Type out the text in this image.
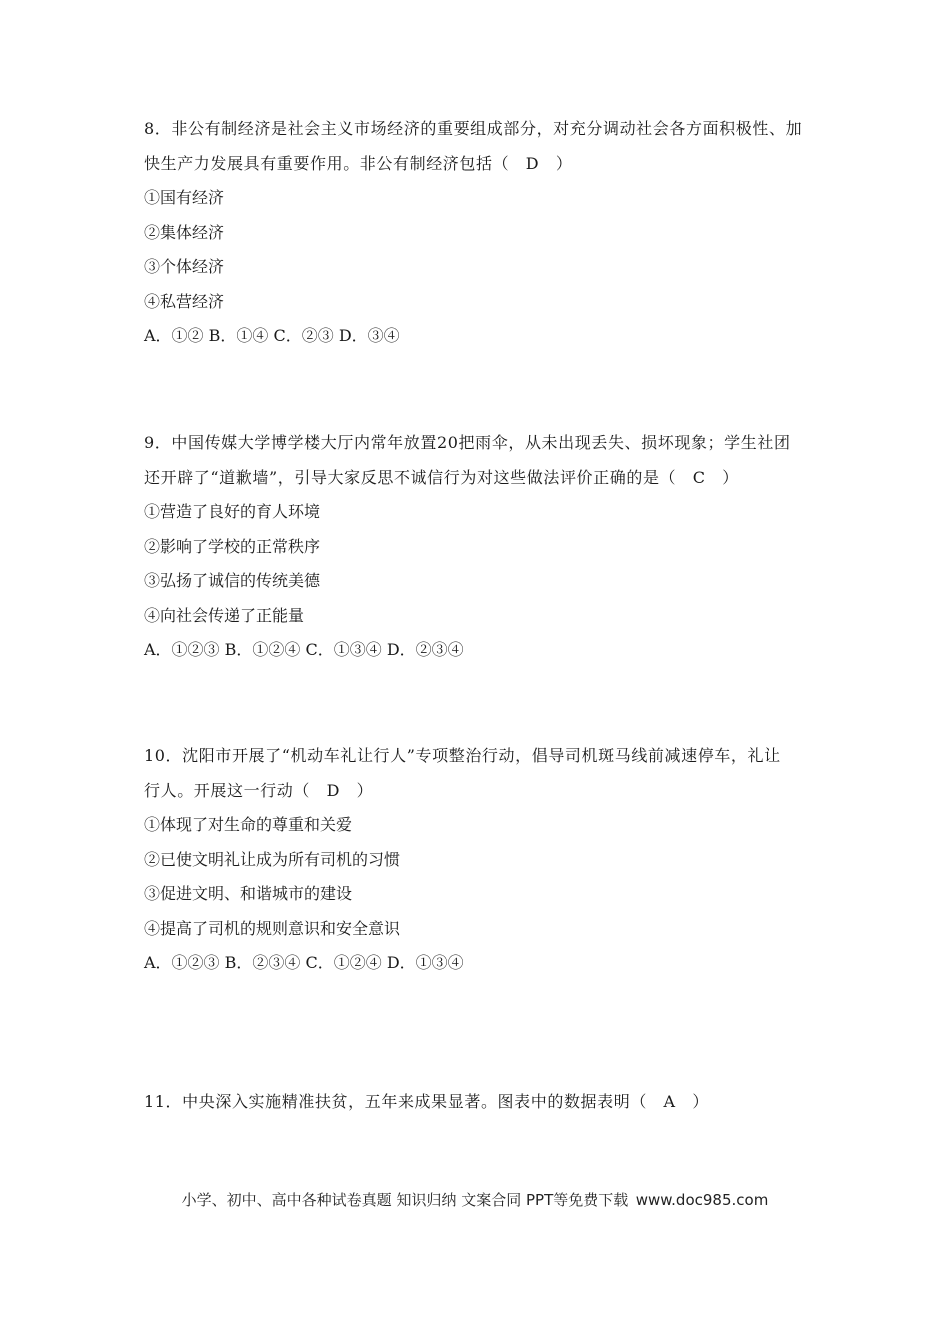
8．非公有制经济是社会主义市场经济的重要组成部分，对充分调动社会各方面积极性、加
快生产力发展具有重要作用。非公有制经济包括（　D　）
①国有经济
②集体经济
③个体经济
④私营经济
A．①② B．①④ C．②③ D．③④
9．中国传媒大学博学楼大厅内常年放置20把雨伞，从未出现丢失、损坏现象；学生社团
还开辟了“道歉墙”，引导大家反思不诚信行为对这些做法评价正确的是（　C　）
①营造了良好的育人环境
②影响了学校的正常秩序
③弘扬了诚信的传统美德
④向社会传递了正能量
A．①②③ B．①②④ C．①③④ D．②③④
10．沈阳市开展了“机动车礼让行人”专项整治行动，倡导司机斑马线前减速停车，礼让
行人。开展这一行动（　D　）
①体现了对生命的尊重和关爱
②已使文明礼让成为所有司机的习惯
③促进文明、和谐城市的建设
④提高了司机的规则意识和安全意识
A．①②③ B．②③④ C．①②④ D．①③④
11．中央深入实施精准扶贫，五年来成果显著。图表中的数据表明（　A　）
小学、初中、高中各种试卷真题 知识归纳 文案合同 PPT等免费下载 www.doc985.com
